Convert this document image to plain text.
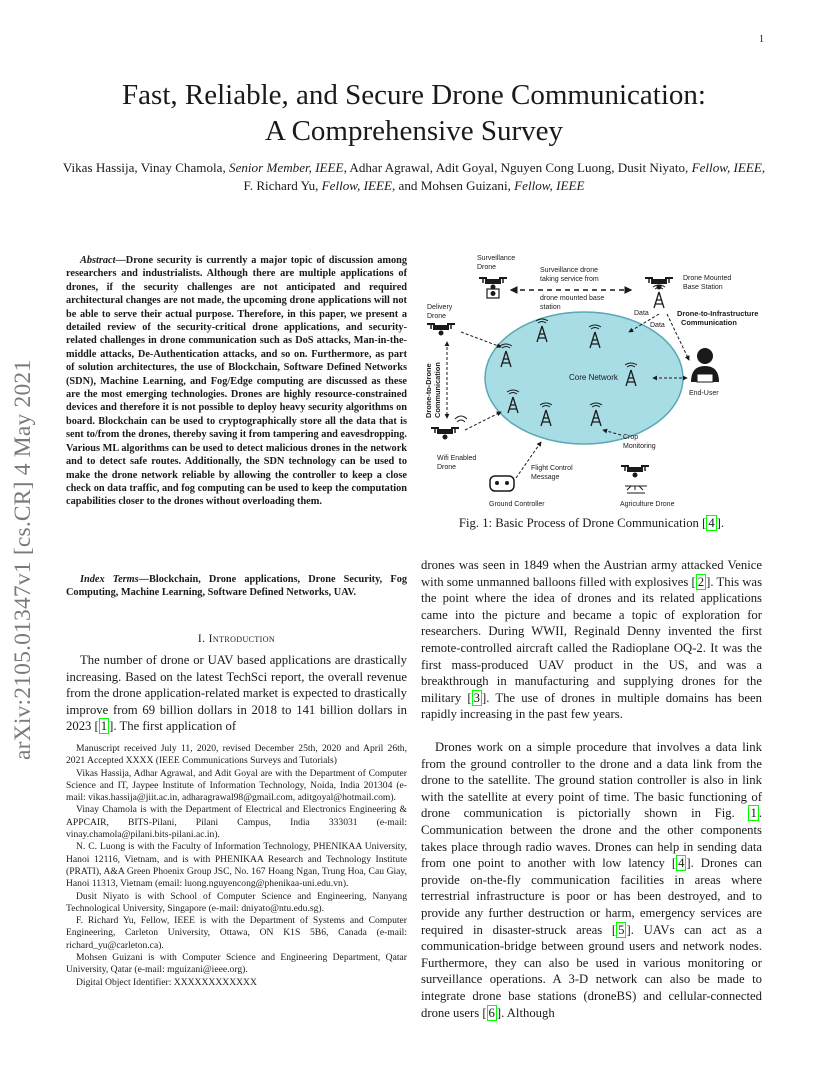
1
arXiv:2105.01347v1 [cs.CR] 4 May 2021
Fast, Reliable, and Secure Drone Communication:
A Comprehensive Survey
Vikas Hassija, Vinay Chamola, Senior Member, IEEE, Adhar Agrawal, Adit Goyal, Nguyen Cong Luong, Dusit Niyato, Fellow, IEEE, F. Richard Yu, Fellow, IEEE, and Mohsen Guizani, Fellow, IEEE

Abstract—Drone security is currently a major topic of discussion among researchers and industrialists. Although there are multiple applications of drones, if the security challenges are not anticipated and required architectural changes are not made, the upcoming drone applications will not be able to serve their actual purpose. Therefore, in this paper, we present a detailed review of the security-critical drone applications, and security-related challenges in drone communication such as DoS attacks, Man-in-the-middle attacks, De-Authentication attacks, and so on. Furthermore, as part of solution architectures, the use of Blockchain, Software Defined Networks (SDN), Machine Learning, and Fog/Edge computing are discussed as these are the most emerging technologies. Drones are highly resource-constrained devices and therefore it is not possible to deploy heavy security algorithms on board. Blockchain can be used to cryptographically store all the data that is sent to/from the drones, thereby saving it from tampering and eavesdropping. Various ML algorithms can be used to detect malicious drones in the network and to detect safe routes. Additionally, the SDN technology can be used to make the drone network reliable by allowing the controller to keep a close check on data traffic, and fog computing can be used to keep the computation capabilities closer to the drones without overloading them.

Index Terms—Blockchain, Drone applications, Drone Security, Fog Computing, Machine Learning, Software Defined Networks, UAV.

I. Introduction

The number of drone or UAV based applications are drastically increasing. Based on the latest TechSci report, the overall revenue from the drone application-related market is expected to drastically improve from 69 billion dollars in 2018 to 141 billion dollars in 2023 [ 1 ]. The first application of

Manuscript received July 11, 2020, revised December 25th, 2020 and April 26th, 2021 Accepted XXXX (IEEE Communications Surveys and Tutorials)

Vikas Hassija, Adhar Agrawal, and Adit Goyal are with the Department of Computer Science and IT, Jaypee Institute of Information Technology, Noida, India 201304 (e-mail: vikas.hassija@jiit.ac.in, adharagrawal98@gmail.com, aditgoyal@hotmail.com).

Vinay Chamola is with the Department of Electrical and Electronics Engineering & APPCAIR, BITS-Pilani, Pilani Campus, India 333031 (e-mail: vinay.chamola@pilani.bits-pilani.ac.in).

N. C. Luong is with the Faculty of Information Technology, PHENIKAA University, Hanoi 12116, Vietnam, and is with PHENIKAA Research and Technology Institute (PRATI), A&A Green Phoenix Group JSC, No. 167 Hoang Ngan, Trung Hoa, Cau Giay, Hanoi 11313, Vietnam (email: luong.nguyencong@phenikaa-uni.edu.vn).

Dusit Niyato is with School of Computer Science and Engineering, Nanyang Technological University, Singapore (e-mail: dniyato@ntu.edu.sg).

F. Richard Yu, Fellow, IEEE is with the Department of Systems and Computer Engineering, Carleton University, Ottawa, ON K1S 5B6, Canada (e-mail: richard_yu@carleton.ca).

Mohsen Guizani is with Computer Science and Engineering Department, Qatar University, Qatar (e-mail: mguizani@ieee.org).

Digital Object Identifier: XXXXXXXXXXXX

Core Network
Surveillance
Drone	Surveillance drone
taking service from
drone mounted base
station
Drone Mounted
Base Station
Delivery
Drone	Data
Data
Drone-to-Infrastructure
Communication
End-User
Drone-to-Drone Communication
Wifi Enabled
Drone
Crop
Monitoring
Flight Control
Message
Ground Controller	Agriculture Drone
Fig. 1: Basic Process of Drone Communication [ 4 ].

drones was seen in 1849 when the Austrian army attacked Venice with some unmanned balloons filled with explosives [ 2 ]. This was the point where the idea of drones and its related applications came into the picture and became a topic of exploration for researchers. During WWII, Reginald Denny invented the first remote-controlled aircraft called the Radioplane OQ-2. It was the first mass-produced UAV product in the US, and was a breakthrough in manufacturing and supplying drones for the military [ 3 ]. The use of drones in multiple domains has been rapidly increasing in the past few years.

Drones work on a simple procedure that involves a data link from the ground controller to the drone and a data link from the drone to the satellite. The ground station controller is also in link with the satellite at every point of time. The basic functioning of drone communication is pictorially shown in Fig. 1 . Communication between the drone and the other components takes place through radio waves. Drones can help in sending data from one point to another with low latency [ 4 ]. Drones can provide on-the-fly communication facilities in areas where terrestrial infrastructure is poor or has been destroyed, and to provide any further destruction or harm, emergency services are required in disaster-struck areas [ 5 ]. UAVs can act as a communication-bridge between ground users and network nodes. Furthermore, they can also be used in various monitoring or surveillance operations. A 3-D network can also be made to integrate drone base stations (droneBS) and cellular-connected drone users [ 6 ]. Although
